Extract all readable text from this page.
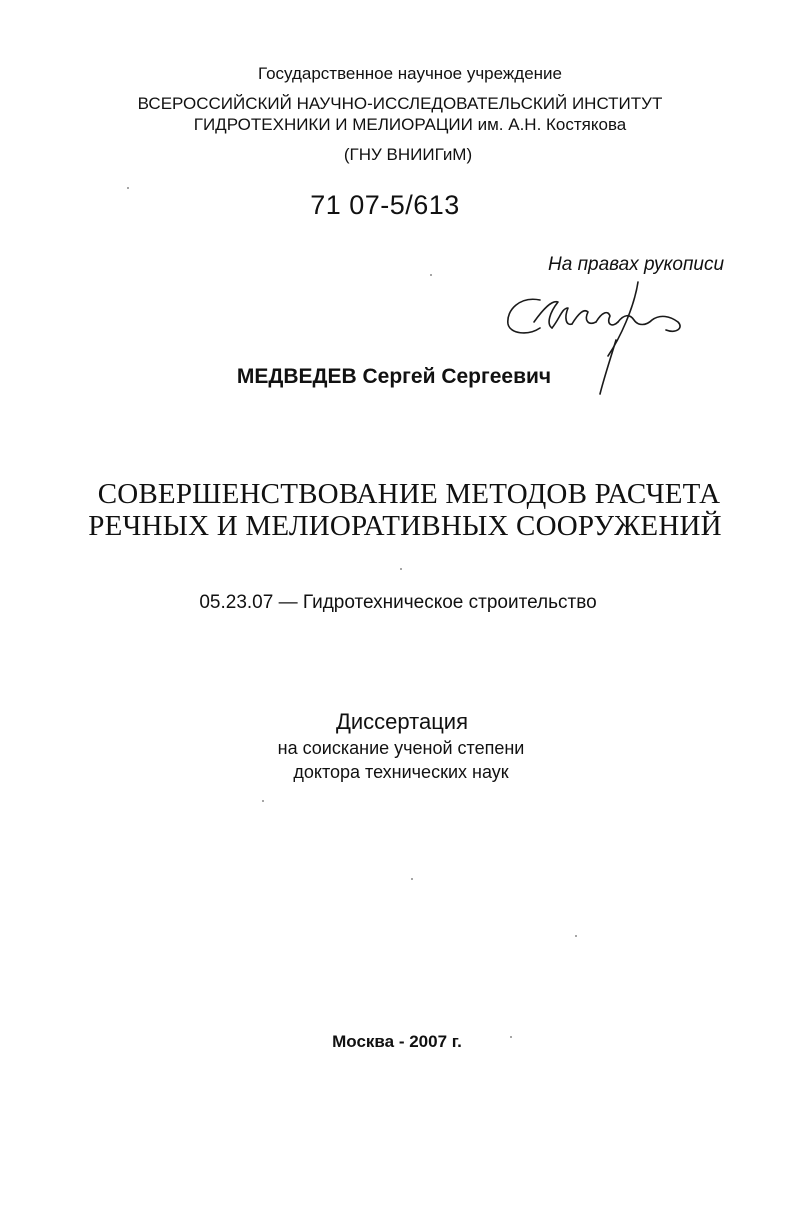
Государственное научное учреждение
ВСЕРОССИЙСКИЙ НАУЧНО-ИССЛЕДОВАТЕЛЬСКИЙ ИНСТИТУТ
ГИДРОТЕХНИКИ И МЕЛИОРАЦИИ им. А.Н. Костякова
(ГНУ ВНИИГиМ)
71 07-5/613
На правах рукописи
МЕДВЕДЕВ Сергей Сергеевич
СОВЕРШЕНСТВОВАНИЕ МЕТОДОВ РАСЧЕТА
РЕЧНЫХ И МЕЛИОРАТИВНЫХ СООРУЖЕНИЙ
05.23.07 — Гидротехническое строительство
Диссертация
на соискание ученой степени
доктора технических наук
Москва - 2007 г.
